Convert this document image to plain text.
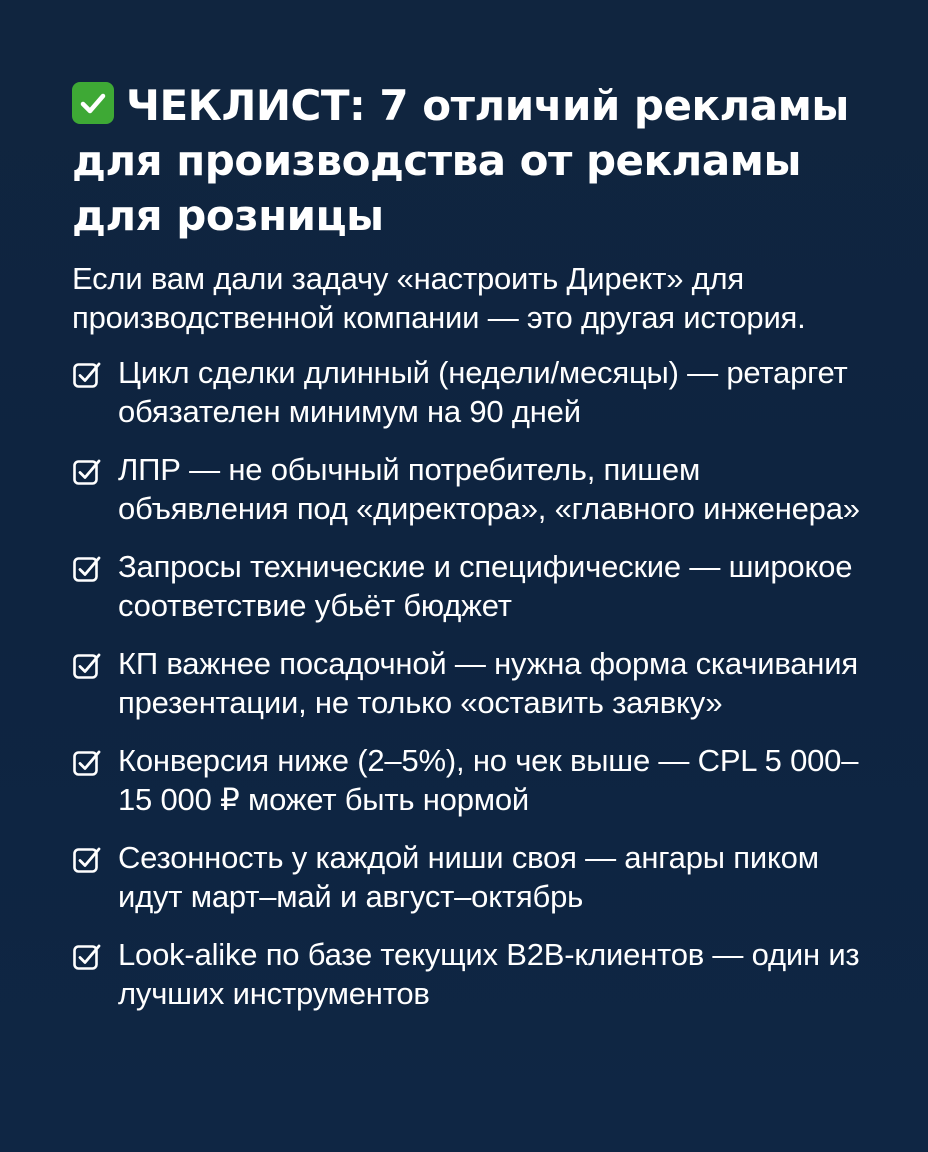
ЧЕКЛИСТ: 7 отличий рекламы для производства от рекламы для розницы

Если вам дали задачу «настроить Директ» для производственной компании — это другая история.

Цикл сделки длинный (недели/месяцы) — ретаргет обязателен минимум на 90 дней
ЛПР — не обычный потребитель, пишем объявления под «директора», «главного инженера»
Запросы технические и специфические — широкое соответствие убьёт бюджет
КП важнее посадочной — нужна форма скачивания презентации, не только «оставить заявку»
Конверсия ниже (2–5%), но чек выше — CPL 5 000–15 000 ₽ может быть нормой
Сезонность у каждой ниши своя — ангары пиком идут март–май и август–октябрь
Look-alike по базе текущих B2B-клиентов — один из лучших инструментов
